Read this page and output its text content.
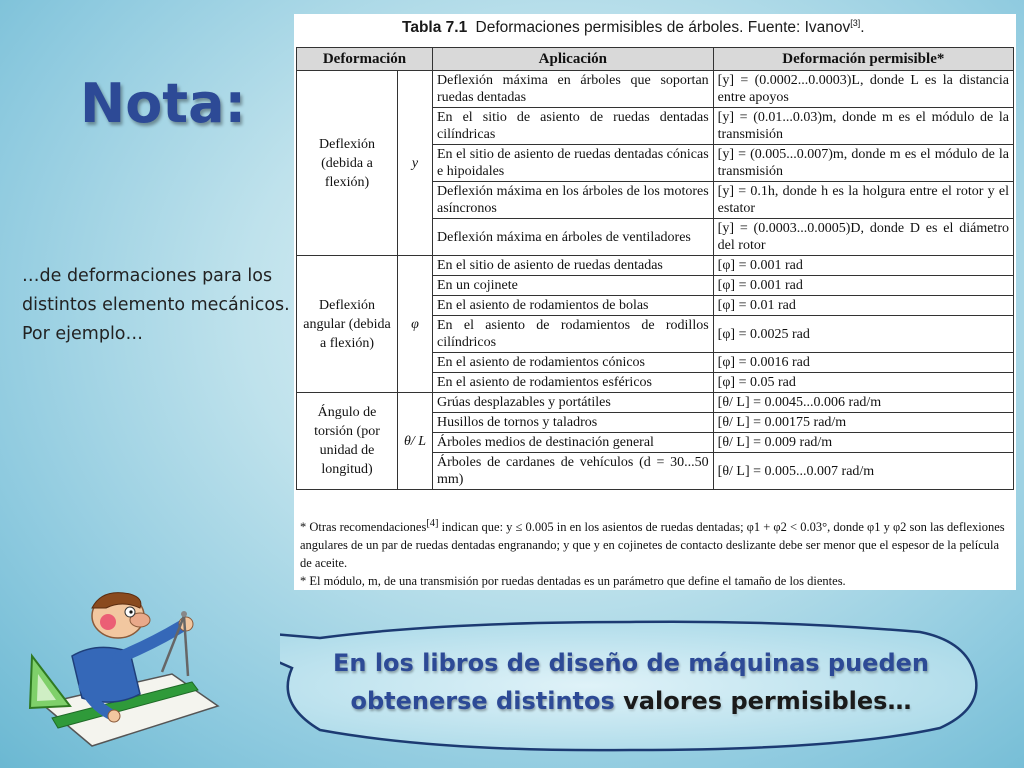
Tabla 7.1 Deformaciones permisibles de árboles. Fuente: Ivanov[3].
Deformación		Aplicación	Deformación permisible*
Deflexión (debida a flexión)	y	Deflexión máxima en árboles que soportan ruedas dentadas	[y] = (0.0002...0.0003)L, donde L es la distancia entre apoyos
		En el sitio de asiento de ruedas dentadas cilíndricas	[y] = (0.01...0.03)m, donde m es el módulo de la transmisión
		En el sitio de asiento de ruedas dentadas cónicas e hipoidales	[y] = (0.005...0.007)m, donde m es el módulo de la transmisión
		Deflexión máxima en los árboles de los motores asíncronos	[y] = 0.1h, donde h es la holgura entre el rotor y el estator
		Deflexión máxima en árboles de ventiladores	[y] = (0.0003...0.0005)D, donde D es el diámetro del rotor
Deflexión angular (debida a flexión)	φ	En el sitio de asiento de ruedas dentadas	[φ] = 0.001 rad
		En un cojinete	[φ] = 0.001 rad
		En el asiento de rodamientos de bolas	[φ] = 0.01 rad
		En el asiento de rodamientos de rodillos cilíndricos	[φ] = 0.0025 rad
		En el asiento de rodamientos cónicos	[φ] = 0.0016 rad
		En el asiento de rodamientos esféricos	[φ] = 0.05 rad
Ángulo de torsión (por unidad de longitud)	θ/ L	Grúas desplazables y portátiles	[θ/ L] = 0.0045...0.006 rad/m
		Husillos de tornos y taladros	[θ/ L] = 0.00175 rad/m
		Árboles medios de destinación general	[θ/ L] = 0.009 rad/m
		Árboles de cardanes de vehículos (d = 30...50 mm)	[θ/ L] = 0.005...0.007 rad/m

* Otras recomendaciones[4] indican que: y ≤ 0.005 in en los asientos de ruedas dentadas; φ1 + φ2 < 0.03°, donde φ1 y φ2 son las deflexiones angulares de un par de ruedas dentadas engranando; y que y en cojinetes de contacto deslizante debe ser menor que el espesor de la película de aceite.

* El módulo, m, de una transmisión por ruedas dentadas es un parámetro que define el tamaño de los dientes.

Nota:

…de deformaciones para los distintos elemento mecánicos. Por ejemplo…

En los libros de diseño de máquinas pueden obtenerse distintos valores permisibles…
